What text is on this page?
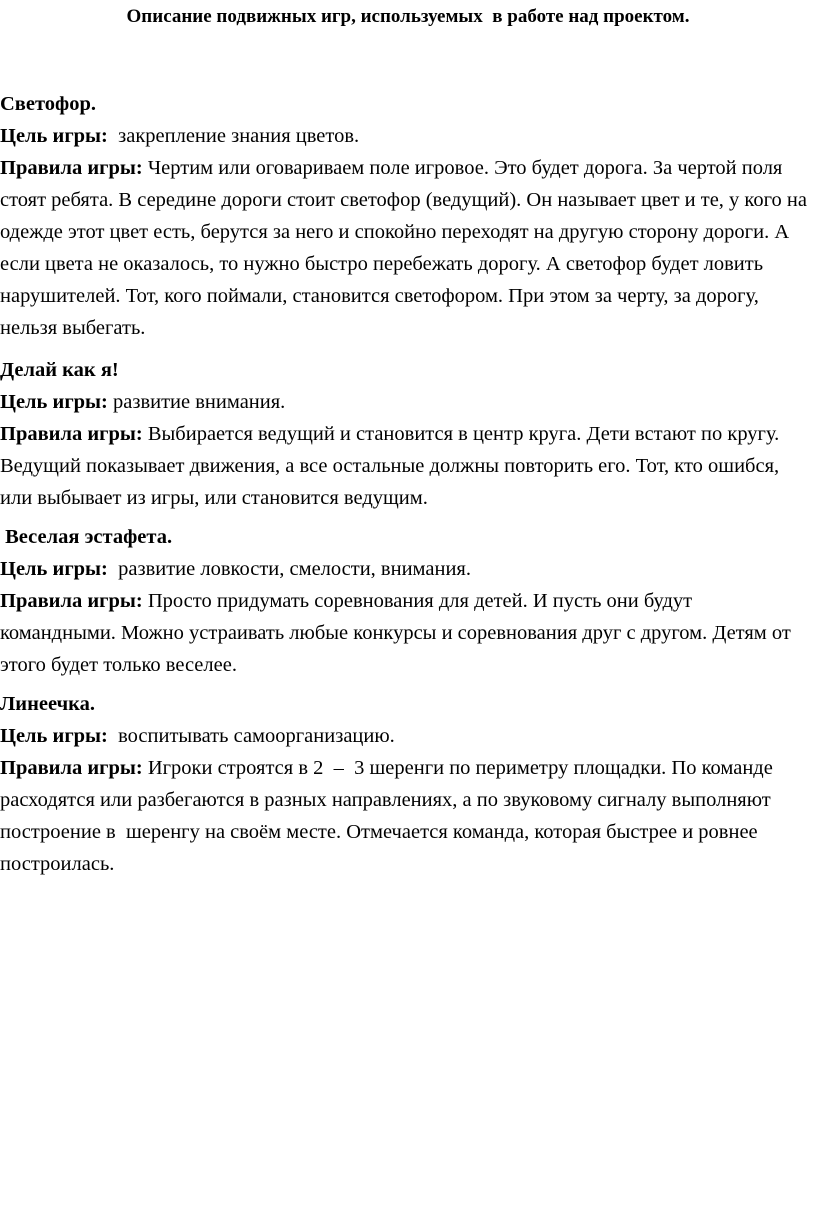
Описание подвижных игр, используемых  в работе над проектом.

Светофор.

Цель игры:  закрепление знания цветов.

Правила игры: Чертим или оговариваем поле игровое. Это будет дорога. За чертой поля стоят ребята. В середине дороги стоит светофор (ведущий). Он называет цвет и те, у кого на одежде этот цвет есть, берутся за него и спокойно переходят на другую сторону дороги. А если цвета не оказалось, то нужно быстро перебежать дорогу. А светофор будет ловить нарушителей. Тот, кого поймали, становится светофором. При этом за черту, за дорогу, нельзя выбегать.

Делай как я!

Цель игры: развитие внимания.

Правила игры: Выбирается ведущий и становится в центр круга. Дети встают по кругу. Ведущий показывает движения, а все остальные должны повторить его. Тот, кто ошибся, или выбывает из игры, или становится ведущим.

Веселая эстафета.

Цель игры:  развитие ловкости, смелости, внимания.

Правила игры: Просто придумать соревнования для детей. И пусть они будут командными. Можно устраивать любые конкурсы и соревнования друг с другом. Детям от этого будет только веселее.

Линеечка.

Цель игры:  воспитывать самоорганизацию.

Правила игры: Игроки строятся в 2  –  3 шеренги по периметру площадки. По команде расходятся или разбегаются в разных направлениях, а по звуковому сигналу выполняют построение в  шеренгу на своём месте. Отмечается команда, которая быстрее и ровнее построилась.
